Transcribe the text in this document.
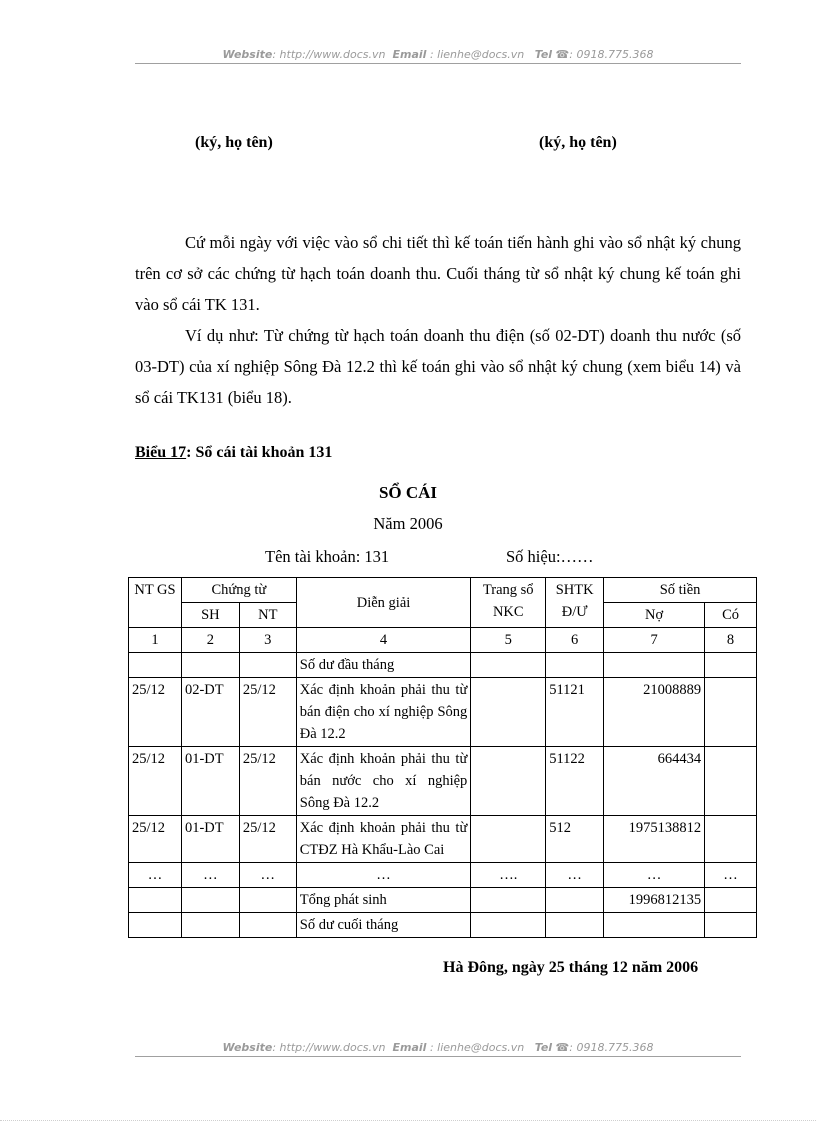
Website: http://www.docs.vn Email : lienhe@docs.vn Tel ☎: 0918.775.368
(ký, họ tên)	(ký, họ tên)

Cứ mỗi ngày với việc vào sổ chi tiết thì kế toán tiến hành ghi vào sổ nhật ký chung trên cơ sở các chứng từ hạch toán doanh thu. Cuối tháng từ sổ nhật ký chung kế toán ghi vào sổ cái TK 131.

Ví dụ như: Từ chứng từ hạch toán doanh thu điện (số 02-DT) doanh thu nước (số 03-DT) của xí nghiệp Sông Đà 12.2 thì kế toán ghi vào sổ nhật ký chung (xem biểu 14) và sổ cái TK131 (biểu 18).

Biểu 17: Sổ cái tài khoản 131
SỔ CÁI
Năm 2006
Tên tài khoản: 131	Số hiệu:……
NT GS	Chứng từ		Diễn giải	Trang sổ NKC	SHTK Đ/Ư	Số tiền	
	SH	NT				Nợ	Có
1	2	3	4	5	6	7	8
			Số dư đầu tháng				
25/12	02-DT	25/12	Xác định khoản phải thu từ bán điện cho xí nghiệp Sông Đà 12.2		51121	21008889	
25/12	01-DT	25/12	Xác định khoản phải thu từ bán nước cho xí nghiệp Sông Đà 12.2		51122	664434	
25/12	01-DT	25/12	Xác định khoản phải thu từ CTĐZ Hà Khẩu-Lào Cai		512	1975138812	
…	…	…	…	….	…	…	…
			Tổng phát sinh			1996812135	
			Số dư cuối tháng				
Hà Đông, ngày 25 tháng 12 năm 2006
Website: http://www.docs.vn Email : lienhe@docs.vn Tel ☎: 0918.775.368
